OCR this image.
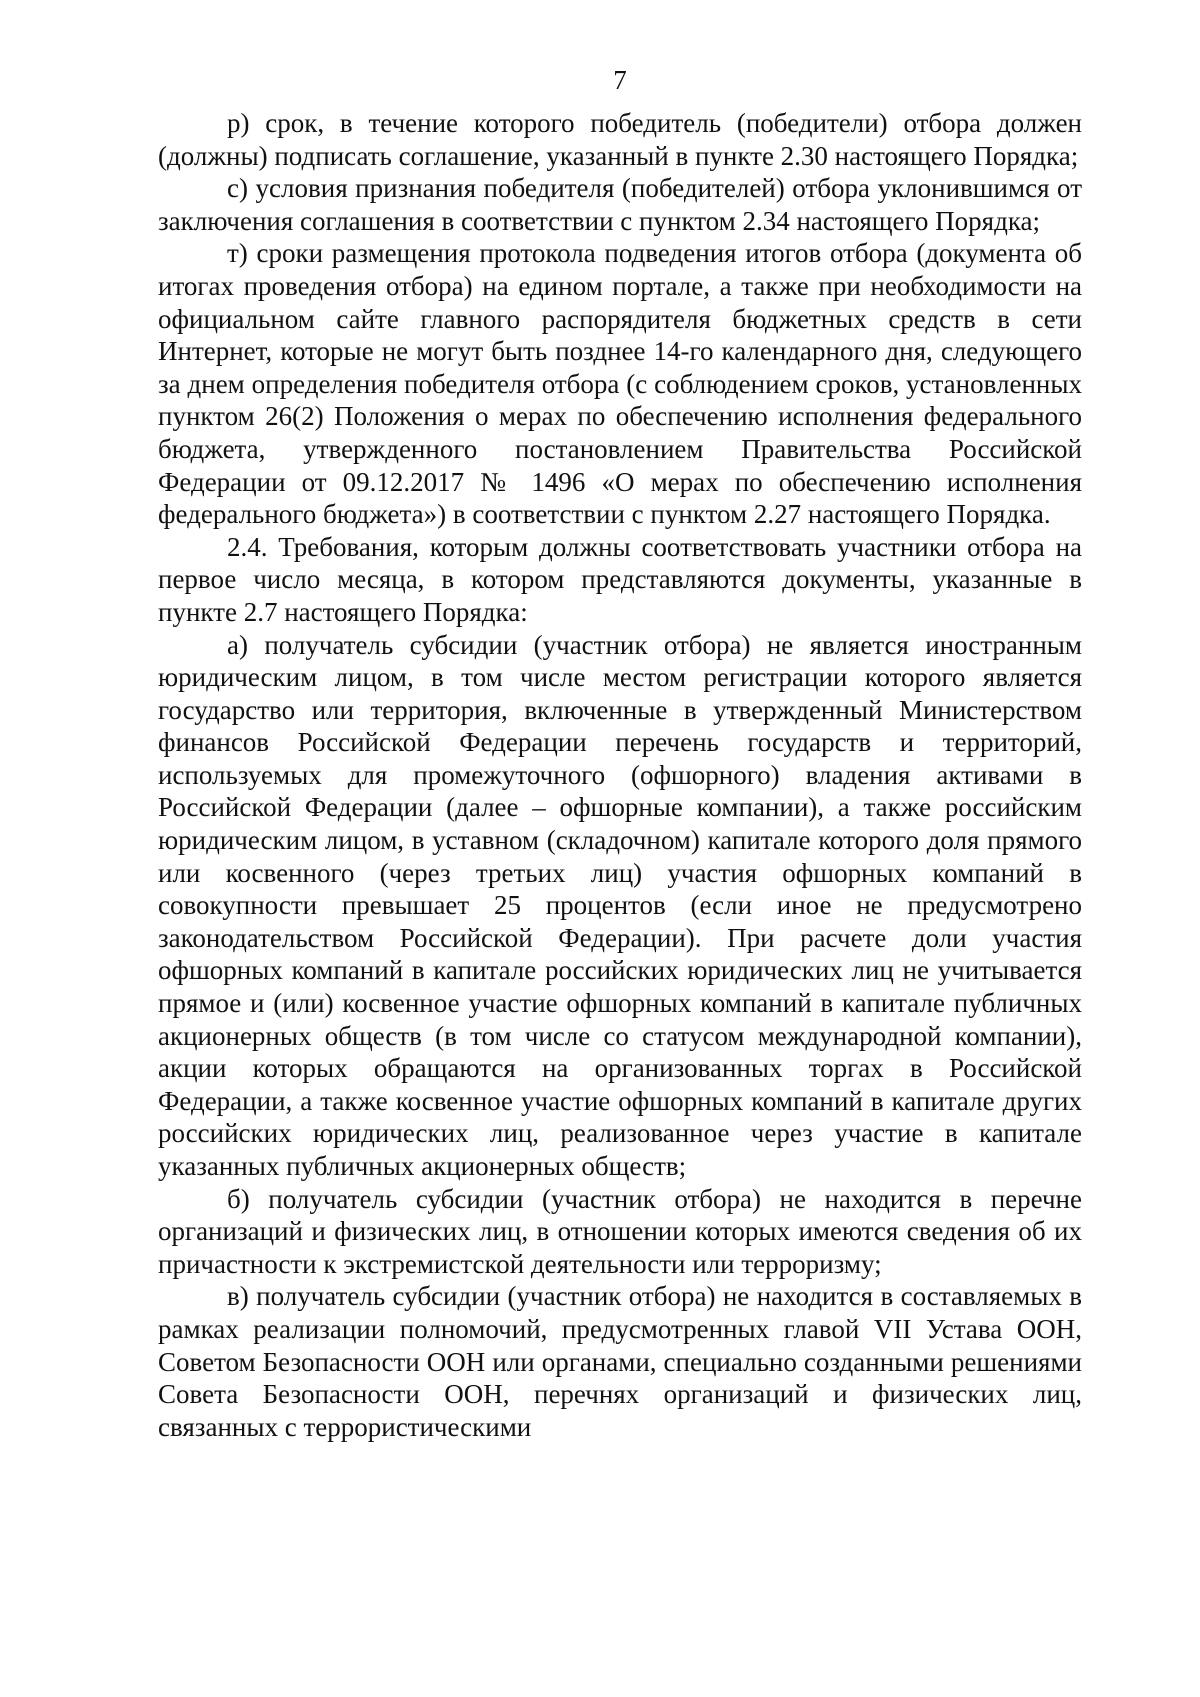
7

р) срок, в течение которого победитель (победители) отбора должен (должны) подписать соглашение, указанный в пункте 2.30 настоящего Порядка;

с) условия признания победителя (победителей) отбора уклонившимся от заключения соглашения в соответствии с пунктом 2.34 настоящего Порядка;

т) сроки размещения протокола подведения итогов отбора (документа об итогах проведения отбора) на едином портале, а также при необходимости на официальном сайте главного распорядителя бюджетных средств в сети Интернет, которые не могут быть позднее 14-го календарного дня, следующего за днем определения победителя отбора (с соблюдением сроков, установленных пунктом 26(2) Положения о мерах по обеспечению исполнения федерального бюджета, утвержденного постановлением Правительства Российской Федерации от 09.12.2017 № 1496 «О мерах по обеспечению исполнения федерального бюджета») в соответствии с пунктом 2.27 настоящего Порядка.

2.4. Требования, которым должны соответствовать участники отбора на первое число месяца, в котором представляются документы, указанные в пункте 2.7 настоящего Порядка:

а) получатель субсидии (участник отбора) не является иностранным юридическим лицом, в том числе местом регистрации которого является государство или территория, включенные в утвержденный Министерством финансов Российской Федерации перечень государств и территорий, используемых для промежуточного (офшорного) владения активами в Российской Федерации (далее – офшорные компании), а также российским юридическим лицом, в уставном (складочном) капитале которого доля прямого или косвенного (через третьих лиц) участия офшорных компаний в совокупности превышает 25 процентов (если иное не предусмотрено законодательством Российской Федерации). При расчете доли участия офшорных компаний в капитале российских юридических лиц не учитывается прямое и (или) косвенное участие офшорных компаний в капитале публичных акционерных обществ (в том числе со статусом международной компании), акции которых обращаются на организованных торгах в Российской Федерации, а также косвенное участие офшорных компаний в капитале других российских юридических лиц, реализованное через участие в капитале указанных публичных акционерных обществ;

б) получатель субсидии (участник отбора) не находится в перечне организаций и физических лиц, в отношении которых имеются сведения об их причастности к экстремистской деятельности или терроризму;

в) получатель субсидии (участник отбора) не находится в составляемых в рамках реализации полномочий, предусмотренных главой VII Устава ООН, Советом Безопасности ООН или органами, специально созданными решениями Совета Безопасности ООН, перечнях организаций и физических лиц, связанных с террористическими
